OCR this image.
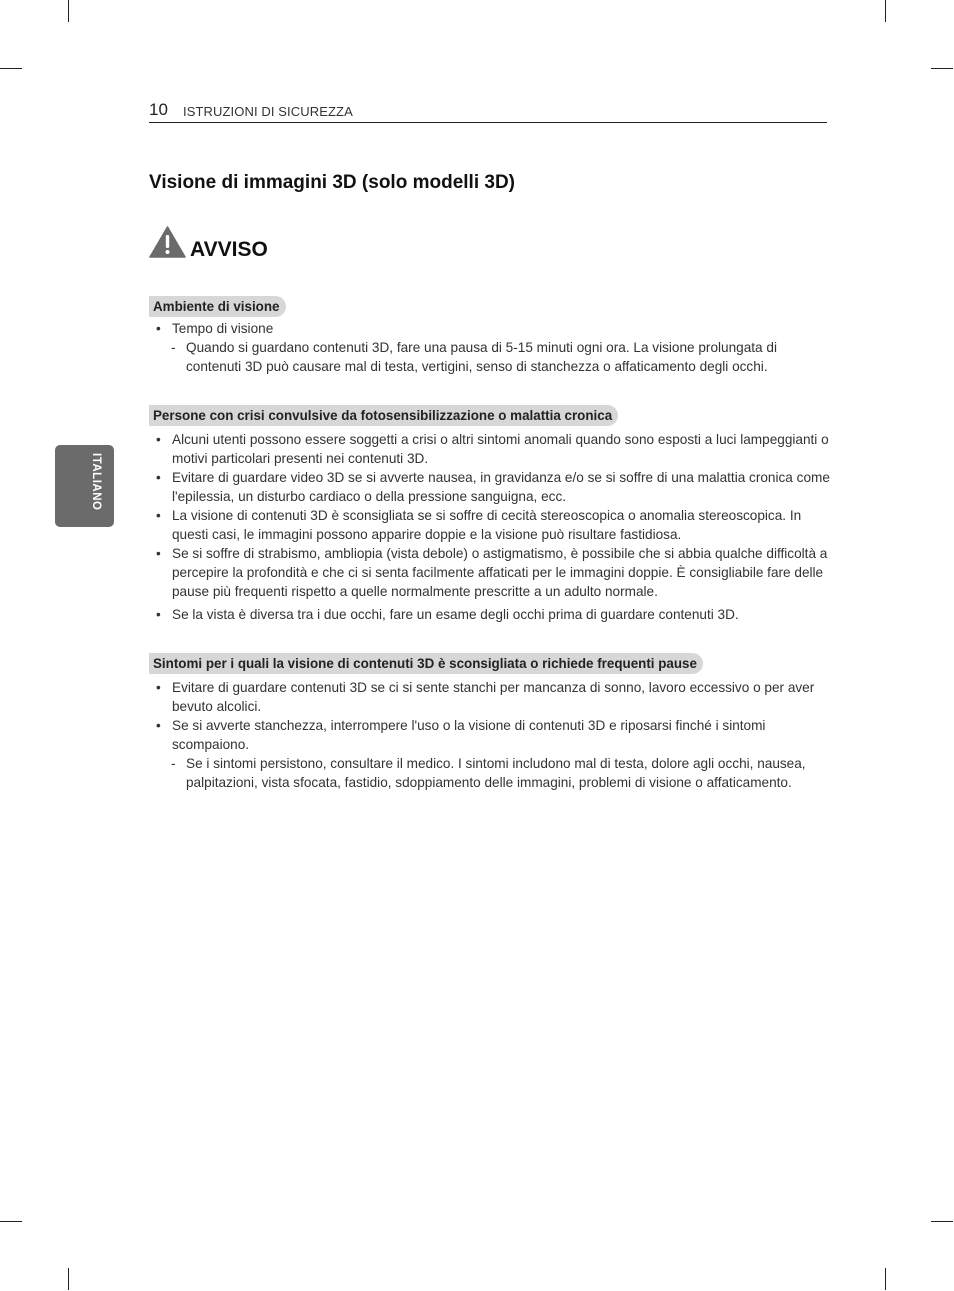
10 ISTRUZIONI DI SICUREZZA
ITALIANO
Visione di immagini 3D (solo modelli 3D)
AVVISO
Ambiente di visione
• Tempo di visione
- Quando si guardano contenuti 3D, fare una pausa di 5-15 minuti ogni ora. La visione prolungata di contenuti 3D può causare mal di testa, vertigini, senso di stanchezza o affaticamento degli occhi.
Persone con crisi convulsive da fotosensibilizzazione o malattia cronica
• Alcuni utenti possono essere soggetti a crisi o altri sintomi anomali quando sono esposti a luci lampeggianti o motivi particolari presenti nei contenuti 3D.
• Evitare di guardare video 3D se si avverte nausea, in gravidanza e/o se si soffre di una malattia cronica come l'epilessia, un disturbo cardiaco o della pressione sanguigna, ecc.
• La visione di contenuti 3D è sconsigliata se si soffre di cecità stereoscopica o anomalia stereoscopica. In questi casi, le immagini possono apparire doppie e la visione può risultare fastidiosa.
• Se si soffre di strabismo, ambliopia (vista debole) o astigmatismo, è possibile che si abbia qualche difficoltà a percepire la profondità e che ci si senta facilmente affaticati per le immagini doppie. È consigliabile fare delle pause più frequenti rispetto a quelle normalmente prescritte a un adulto normale.
• Se la vista è diversa tra i due occhi, fare un esame degli occhi prima di guardare contenuti 3D.
Sintomi per i quali la visione di contenuti 3D è sconsigliata o richiede frequenti pause
• Evitare di guardare contenuti 3D se ci si sente stanchi per mancanza di sonno, lavoro eccessivo o per aver bevuto alcolici.
• Se si avverte stanchezza, interrompere l'uso o la visione di contenuti 3D e riposarsi finché i sintomi scompaiono.
- Se i sintomi persistono, consultare il medico. I sintomi includono mal di testa, dolore agli occhi, nausea, palpitazioni, vista sfocata, fastidio, sdoppiamento delle immagini, problemi di visione o affaticamento.
